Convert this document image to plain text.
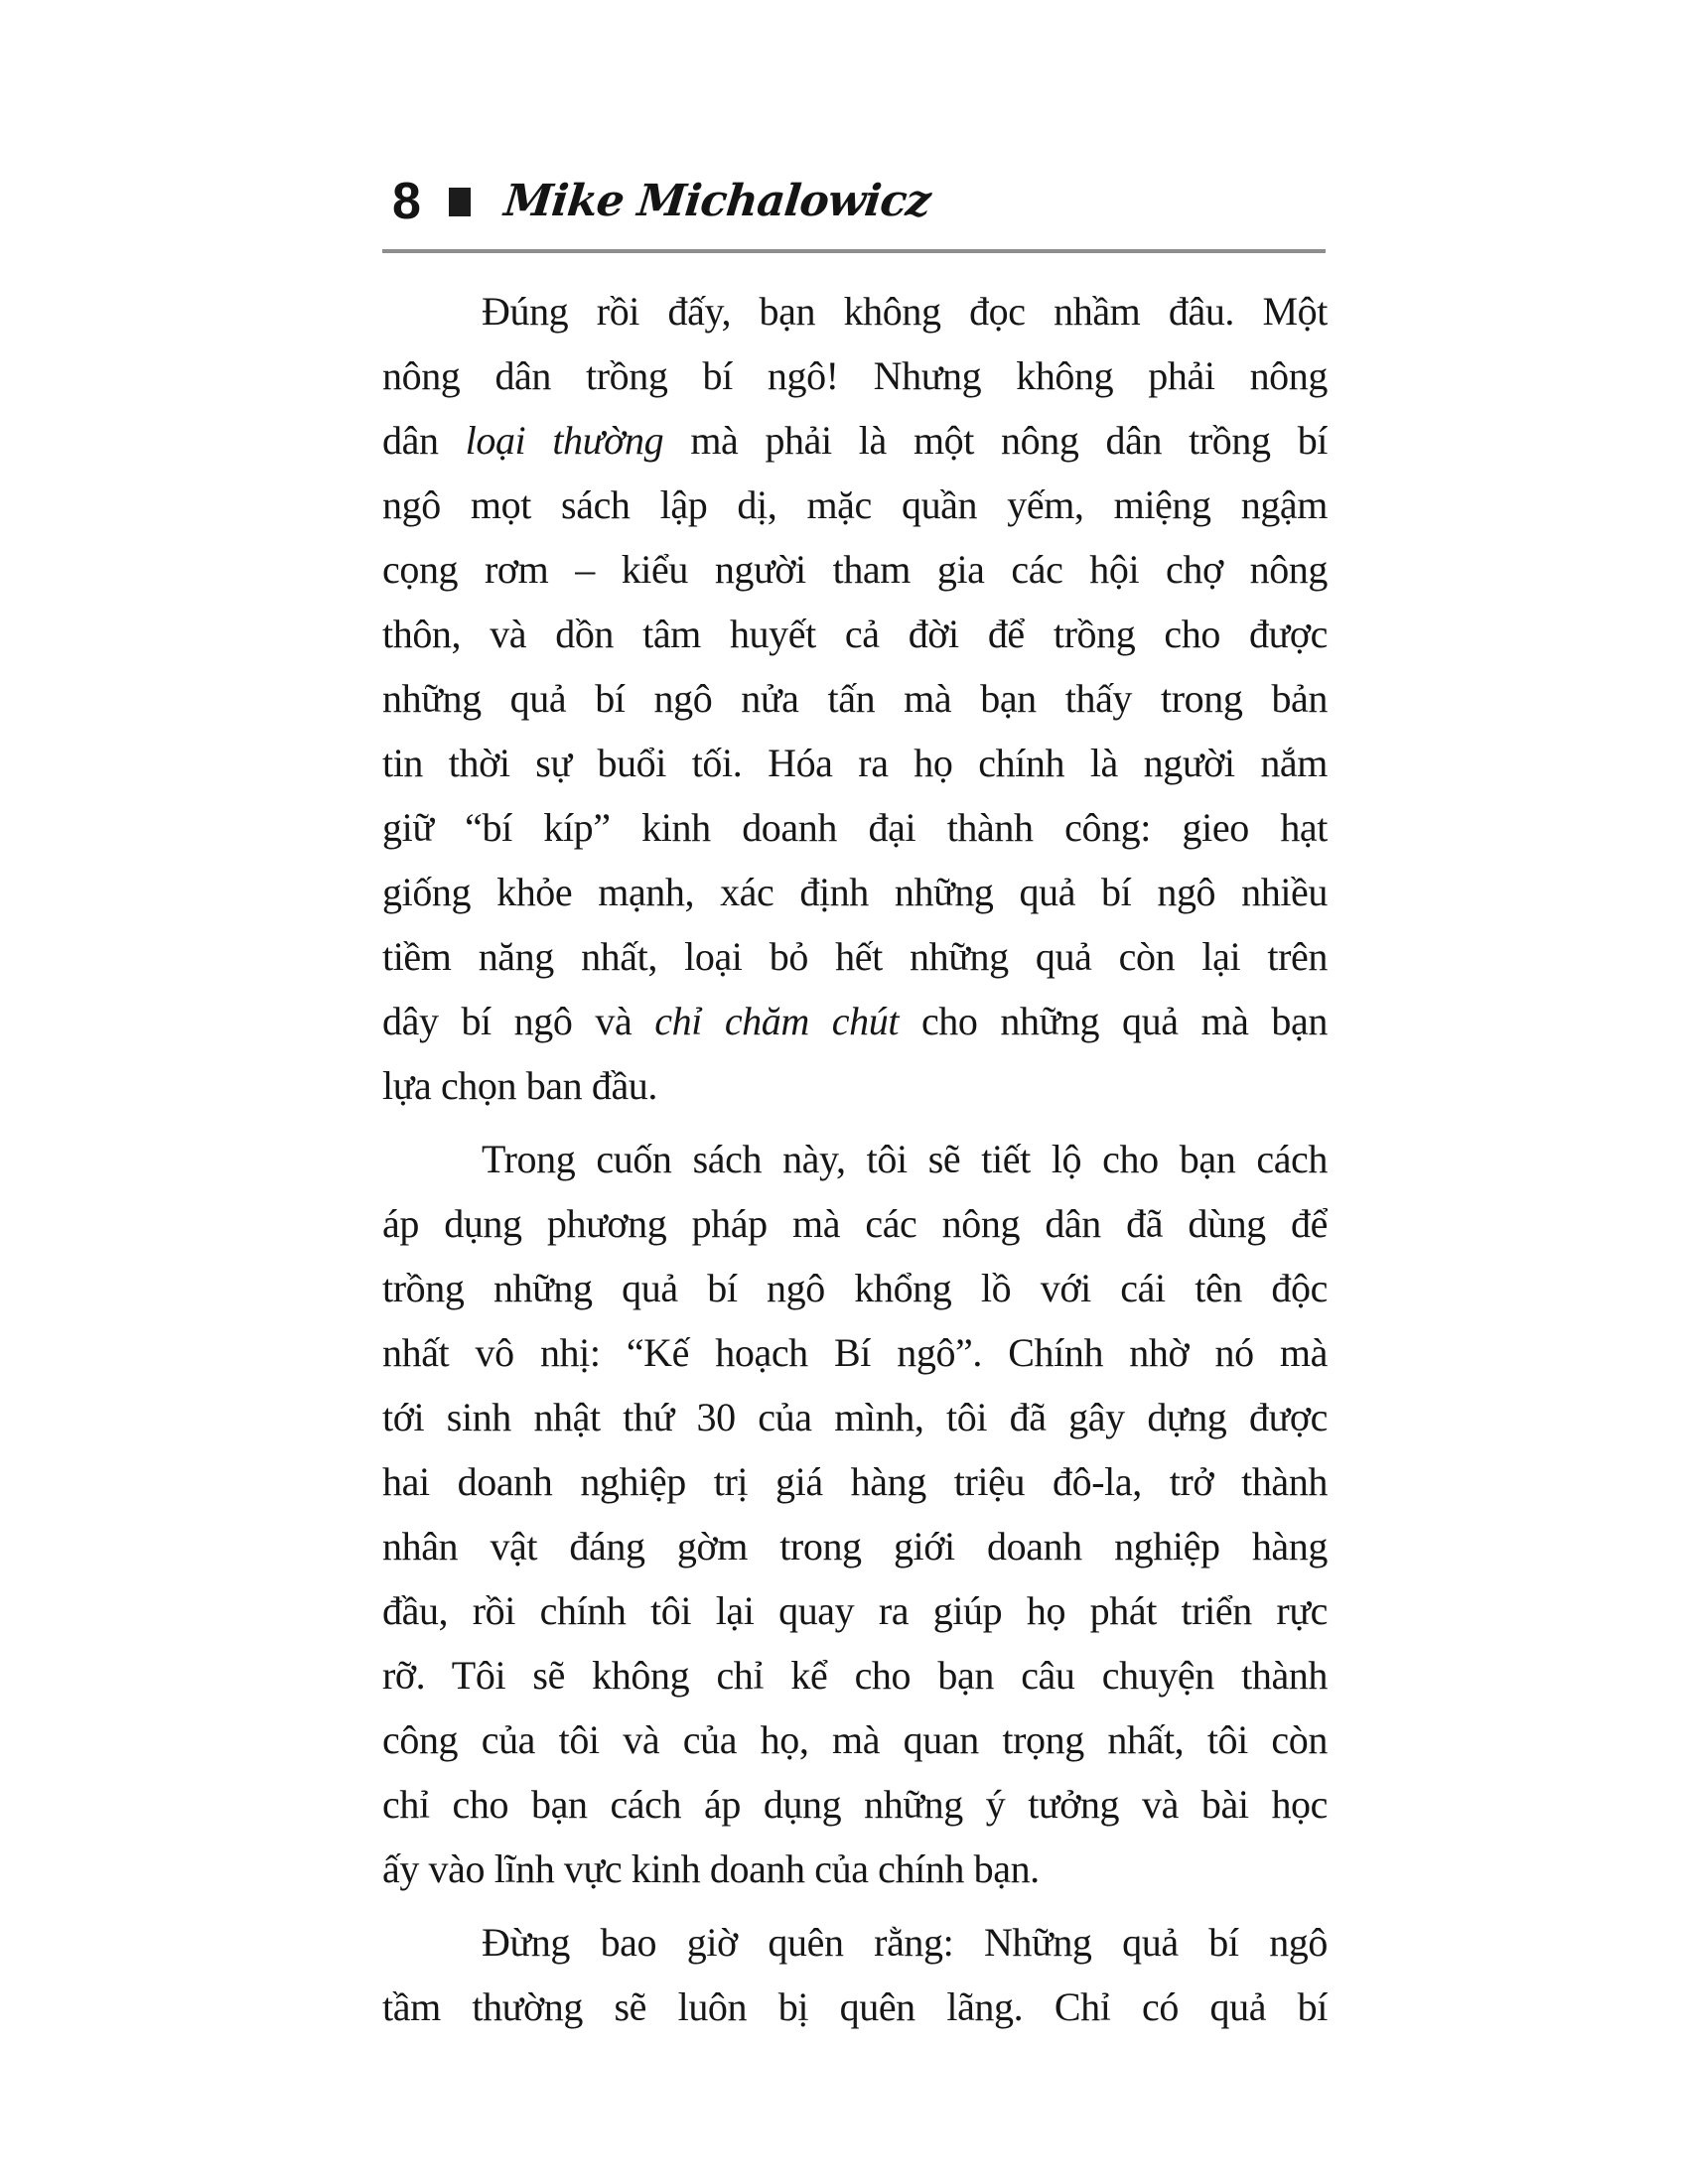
8 Mike Michalowicz
Đúng rồi đấy, bạn không đọc nhầm đâu. Một
nông dân trồng bí ngô! Nhưng không phải nông
dân loại thường mà phải là một nông dân trồng bí
ngô mọt sách lập dị, mặc quần yếm, miệng ngậm
cọng rơm – kiểu người tham gia các hội chợ nông
thôn, và dồn tâm huyết cả đời để trồng cho được
những quả bí ngô nửa tấn mà bạn thấy trong bản
tin thời sự buổi tối. Hóa ra họ chính là người nắm
giữ “bí kíp” kinh doanh đại thành công: gieo hạt
giống khỏe mạnh, xác định những quả bí ngô nhiều
tiềm năng nhất, loại bỏ hết những quả còn lại trên
dây bí ngô và chỉ chăm chút cho những quả mà bạn
lựa chọn ban đầu.
Trong cuốn sách này, tôi sẽ tiết lộ cho bạn cách
áp dụng phương pháp mà các nông dân đã dùng để
trồng những quả bí ngô khổng lồ với cái tên độc
nhất vô nhị: “Kế hoạch Bí ngô”. Chính nhờ nó mà
tới sinh nhật thứ 30 của mình, tôi đã gây dựng được
hai doanh nghiệp trị giá hàng triệu đô-la, trở thành
nhân vật đáng gờm trong giới doanh nghiệp hàng
đầu, rồi chính tôi lại quay ra giúp họ phát triển rực
rỡ. Tôi sẽ không chỉ kể cho bạn câu chuyện thành
công của tôi và của họ, mà quan trọng nhất, tôi còn
chỉ cho bạn cách áp dụng những ý tưởng và bài học
ấy vào lĩnh vực kinh doanh của chính bạn.
Đừng bao giờ quên rằng: Những quả bí ngô
tầm thường sẽ luôn bị quên lãng. Chỉ có quả bí
